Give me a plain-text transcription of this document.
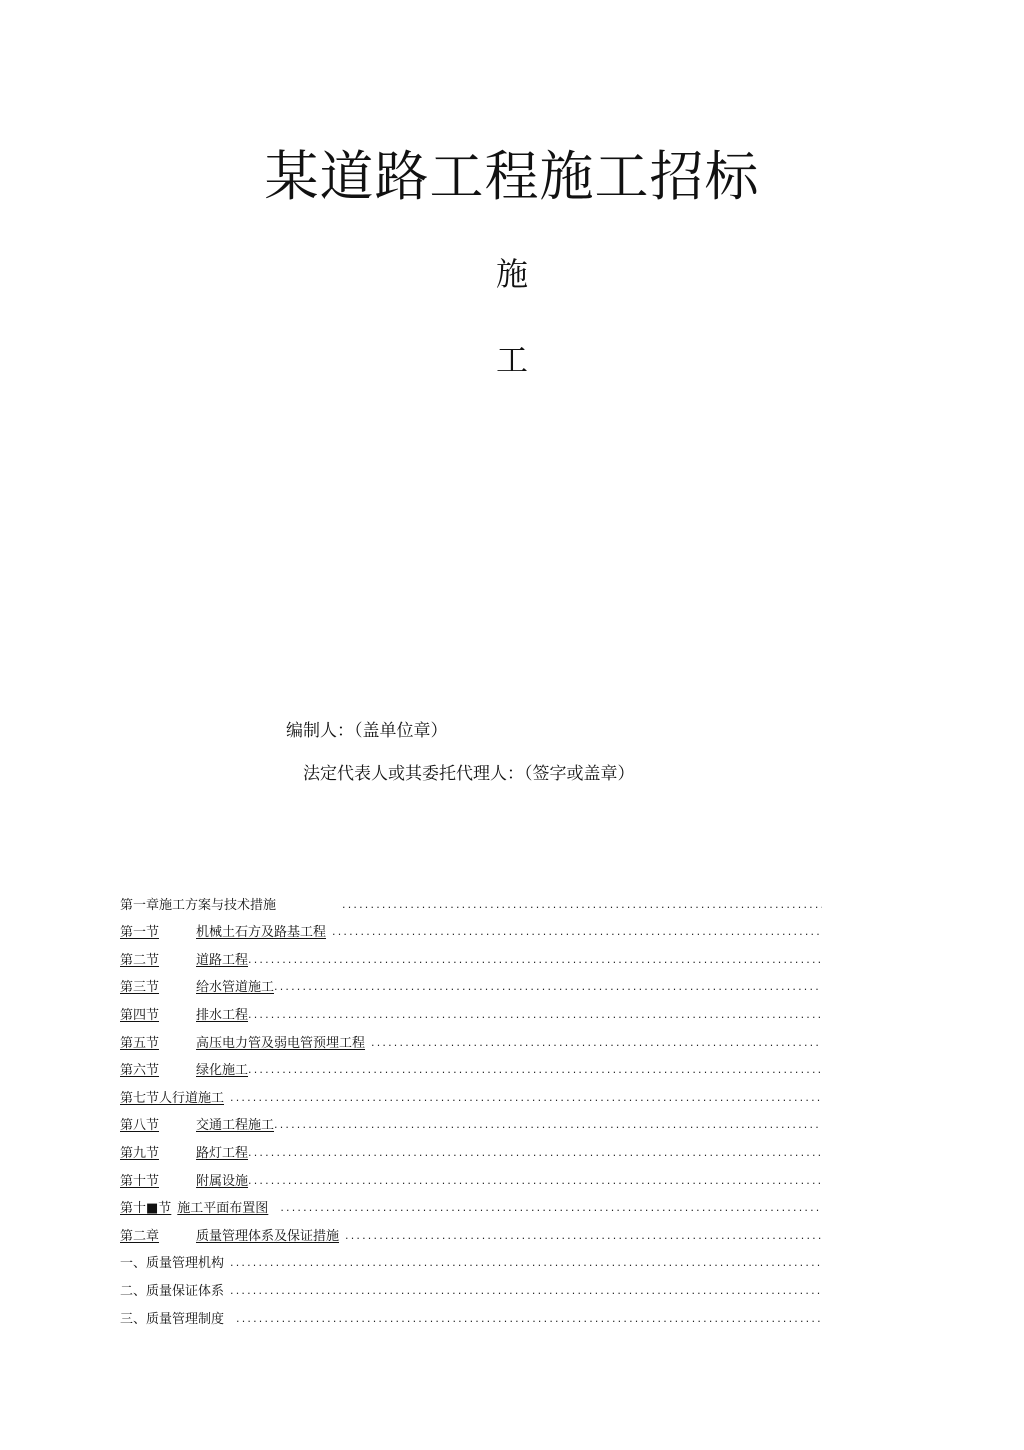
某道路工程施工招标
施
工
编制人：（盖单位章）
法定代表人或其委托代理人：（签字或盖章）
第一章施工方案与技术措施
.....
第一节	机械土石方及路基工程
.....
第二节	道路工程
.....
第三节	给水管道施工
.....
第四节	排水工程
.....
第五节	高压电力管及弱电管预埋工程
.....
第六节	绿化施工
.....
第七节人行道施工
.....
第八节	交通工程施工
.....
第九节	路灯工程
.....
第十节	附属设施
.....
第十■节 施工平面布置图
.....
第二章	质量管理体系及保证措施
.....
一、质量管理机构
.....
二、质量保证体系
.....
三、质量管理制度
.....
